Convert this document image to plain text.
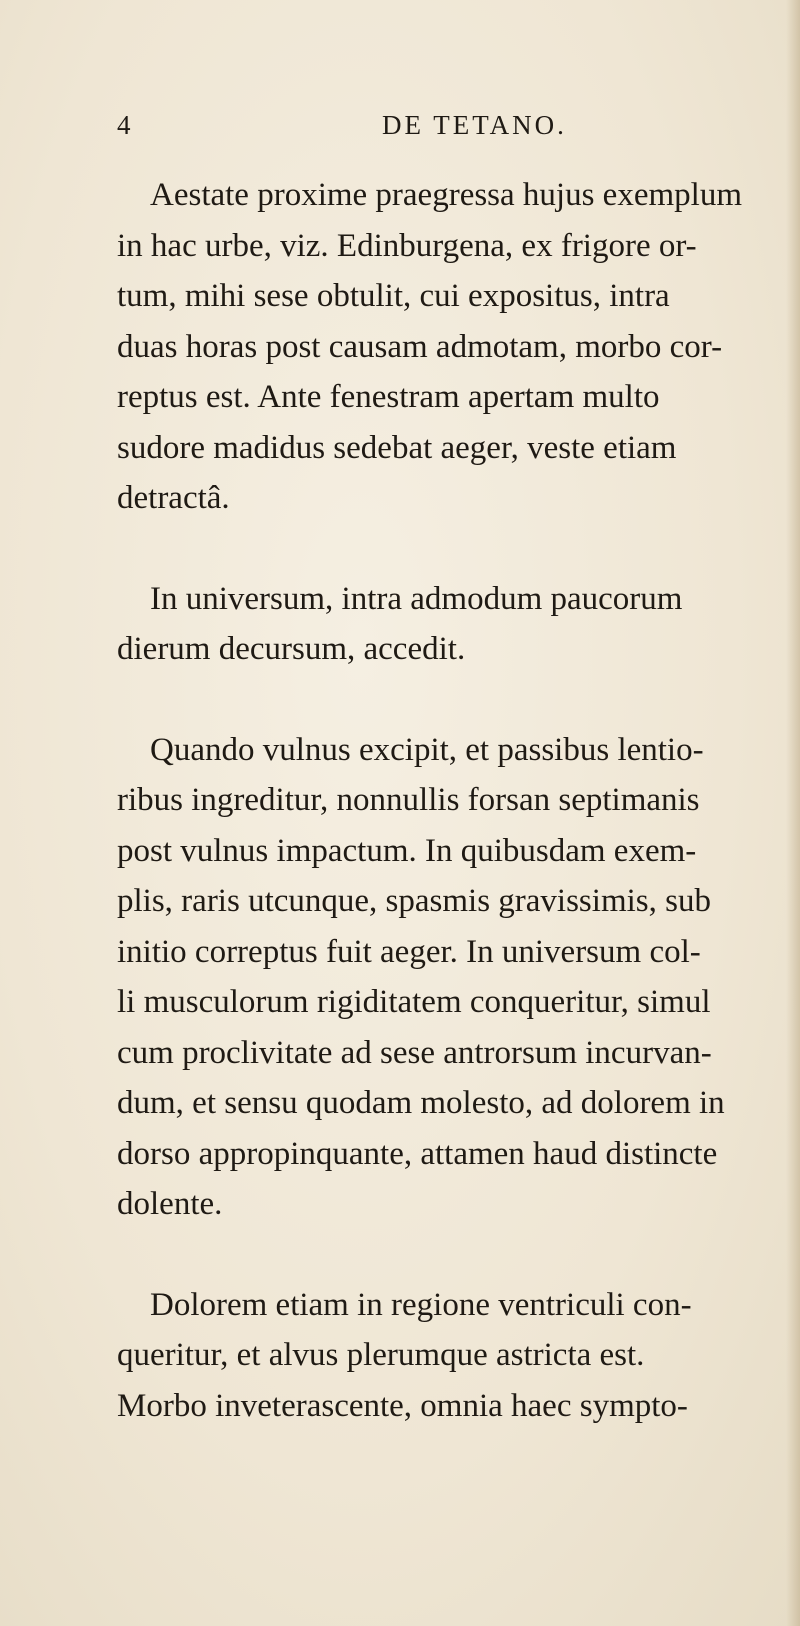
4	DE TETANO.
Aestate proxime praegressa hujus exemplum
in hac urbe, viz. Edinburgena, ex frigore or-
tum, mihi sese obtulit, cui expositus, intra
duas horas post causam admotam, morbo cor-
reptus est. Ante fenestram apertam multo
sudore madidus sedebat aeger, veste etiam
detractâ.
In universum, intra admodum paucorum
dierum decursum, accedit.
Quando vulnus excipit, et passibus lentio-
ribus ingreditur, nonnullis forsan septimanis
post vulnus impactum. In quibusdam exem-
plis, raris utcunque, spasmis gravissimis, sub
initio correptus fuit aeger. In universum col-
li musculorum rigiditatem conqueritur, simul
cum proclivitate ad sese antrorsum incurvan-
dum, et sensu quodam molesto, ad dolorem in
dorso appropinquante, attamen haud distincte
dolente.
Dolorem etiam in regione ventriculi con-
queritur, et alvus plerumque astricta est.
Morbo inveterascente, omnia haec sympto-
